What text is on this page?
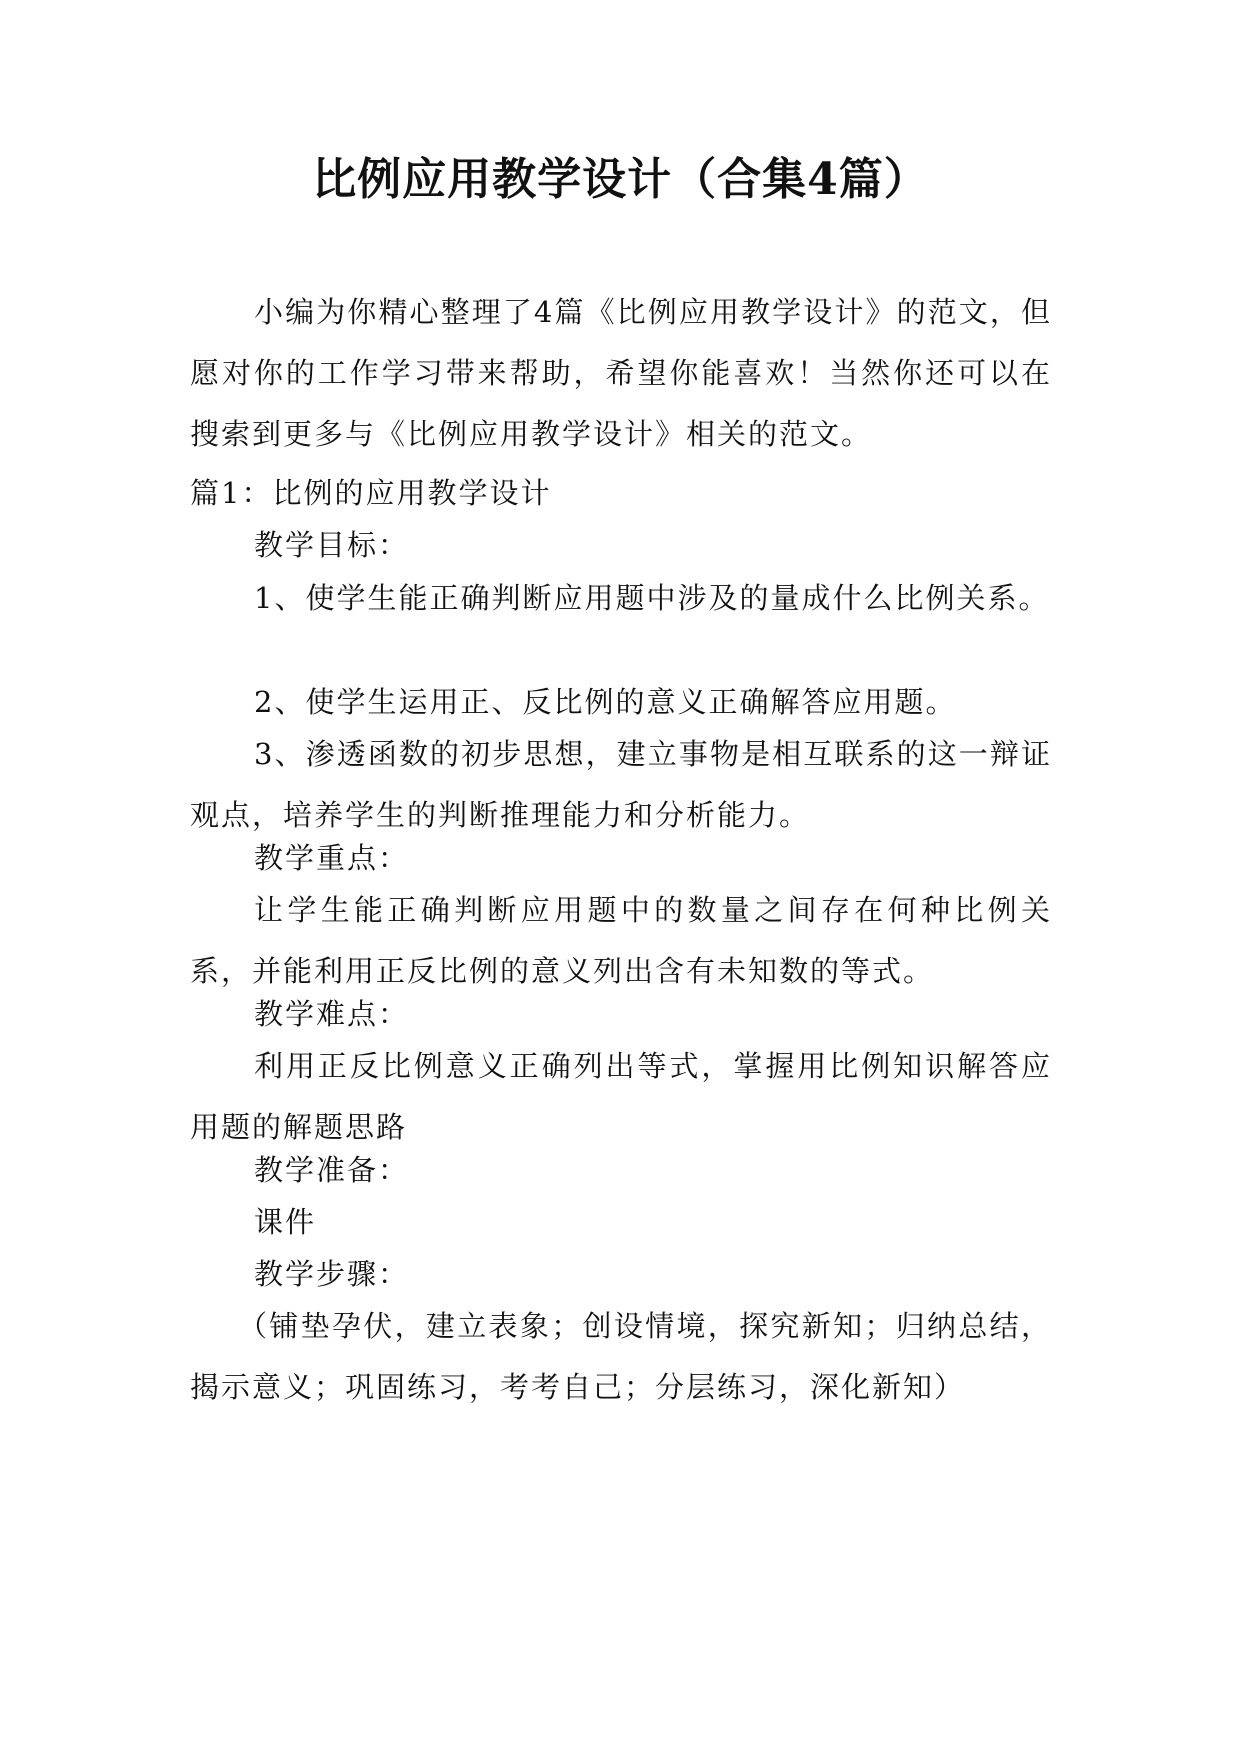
比例应用教学设计（合集4篇）

小编为你精心整理了4篇《比例应用教学设计》的范文，但愿对你的工作学习带来帮助，希望你能喜欢！当然你还可以在搜索到更多与《比例应用教学设计》相关的范文。

篇1：比例的应用教学设计

教学目标：

1、使学生能正确判断应用题中涉及的量成什么比例关系。

2、使学生运用正、反比例的意义正确解答应用题。

3、渗透函数的初步思想，建立事物是相互联系的这一辩证观点，培养学生的判断推理能力和分析能力。

教学重点：

让学生能正确判断应用题中的数量之间存在何种比例关系，并能利用正反比例的意义列出含有未知数的等式。

教学难点：

利用正反比例意义正确列出等式，掌握用比例知识解答应用题的解题思路

教学准备：

课件

教学步骤：

（铺垫孕伏，建立表象；创设情境，探究新知；归纳总结，揭示意义；巩固练习，考考自己；分层练习，深化新知）
